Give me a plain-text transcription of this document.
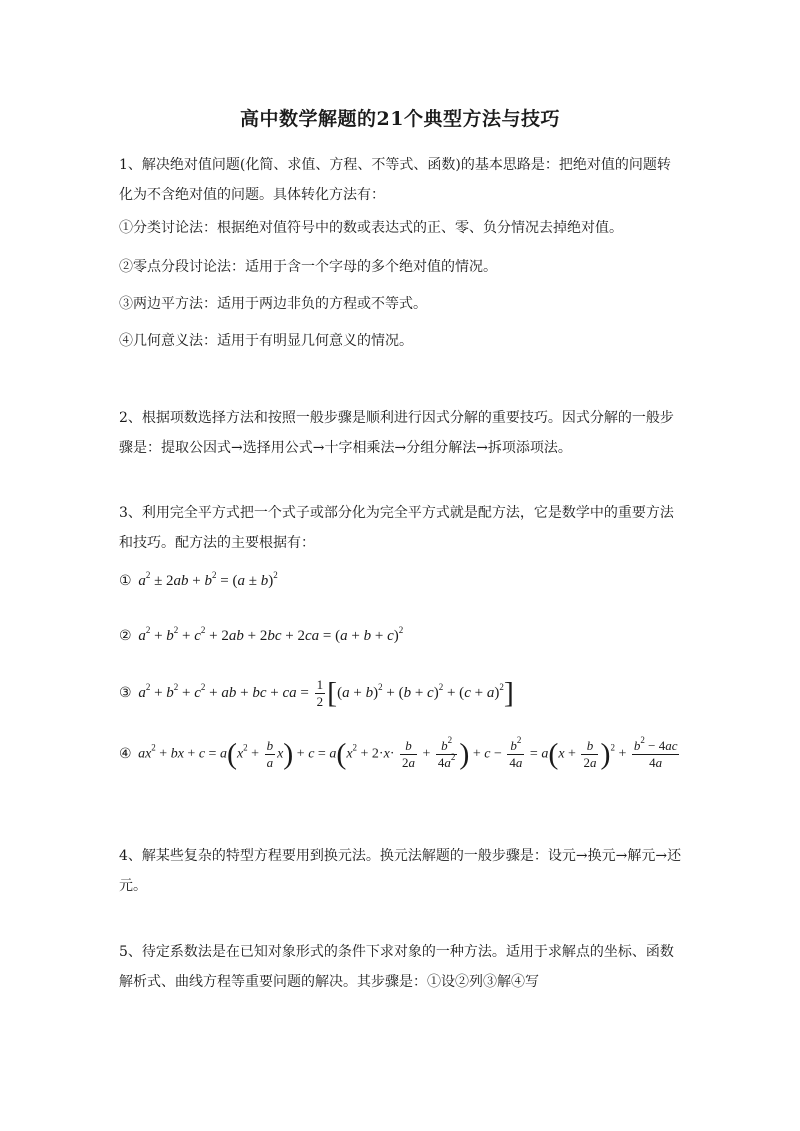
高中数学解题的21个典型方法与技巧
1、解决绝对值问题(化简、求值、方程、不等式、函数)的基本思路是：把绝对值的问题转化为不含绝对值的问题。具体转化方法有：
①分类讨论法：根据绝对值符号中的数或表达式的正、零、负分情况去掉绝对值。
②零点分段讨论法：适用于含一个字母的多个绝对值的情况。
③两边平方法：适用于两边非负的方程或不等式。
④几何意义法：适用于有明显几何意义的情况。
2、根据项数选择方法和按照一般步骤是顺利进行因式分解的重要技巧。因式分解的一般步骤是：提取公因式→选择用公式→十字相乘法→分组分解法→拆项添项法。
3、利用完全平方式把一个式子或部分化为完全平方式就是配方法，它是数学中的重要方法和技巧。配方法的主要根据有：
① $a^2 \pm 2ab + b^2 = (a \pm b)^2$
② $a^2 + b^2 + c^2 + 2ab + 2bc + 2ca = (a + b + c)^2$
③ $a^2 + b^2 + c^2$ + ab + bc + ca = $\frac{1}{2} [(a + b)^2 + (b + c)^2 + (c + a)^2]$
④ $ax^2$ + bx + $c = a(x^2 + \frac{b}{a} x) + c = a(x^2 + 2\cdot x\cdot \frac{b}{2a} + \frac{b^2}{4a^2}$ ) + $c - \frac{b^2}{4a} = a(x + \frac{b}{2a} )^2 + \frac{b^2 - 4ac}{4a}$
4、解某些复杂的特型方程要用到换元法。换元法解题的一般步骤是：设元→换元→解元→还元。
5、待定系数法是在已知对象形式的条件下求对象的一种方法。适用于求解点的坐标、函数解析式、曲线方程等重要问题的解决。其步骤是：①设②列③解④写
